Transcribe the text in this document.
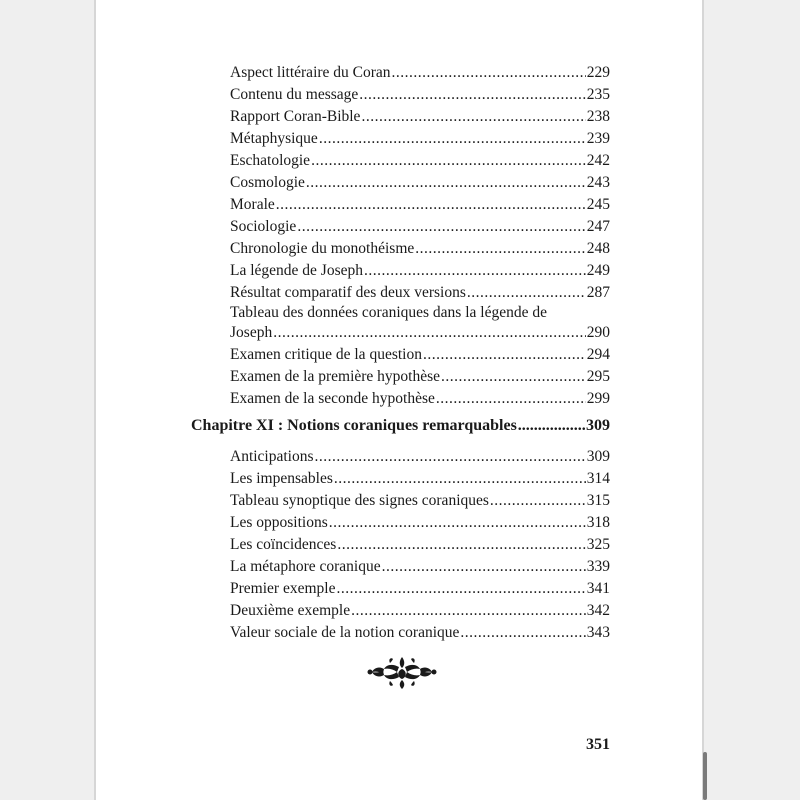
Aspect littéraire du Coran .....	229
Contenu du message .....	235
Rapport Coran-Bible .....	238
Métaphysique .....	239
Eschatologie .....	242
Cosmologie .....	243
Morale .....	245
Sociologie .....	247
Chronologie du monothéisme .....	248
La légende de Joseph .....	249
Résultat comparatif des deux versions .....	287
Tableau des données coraniques dans la légende de
Joseph .....	290
Examen critique de la question .....	294
Examen de la première hypothèse .....	295
Examen de la seconde hypothèse .....	299
Chapitre XI : Notions coraniques remarquables .....	309
Anticipations .....	309
Les impensables .....	314
Tableau synoptique des signes coraniques .....	315
Les oppositions .....	318
Les coïncidences .....	325
La métaphore coranique .....	339
Premier exemple .....	341
Deuxième exemple .....	342
Valeur sociale de la notion coranique .....	343
351
